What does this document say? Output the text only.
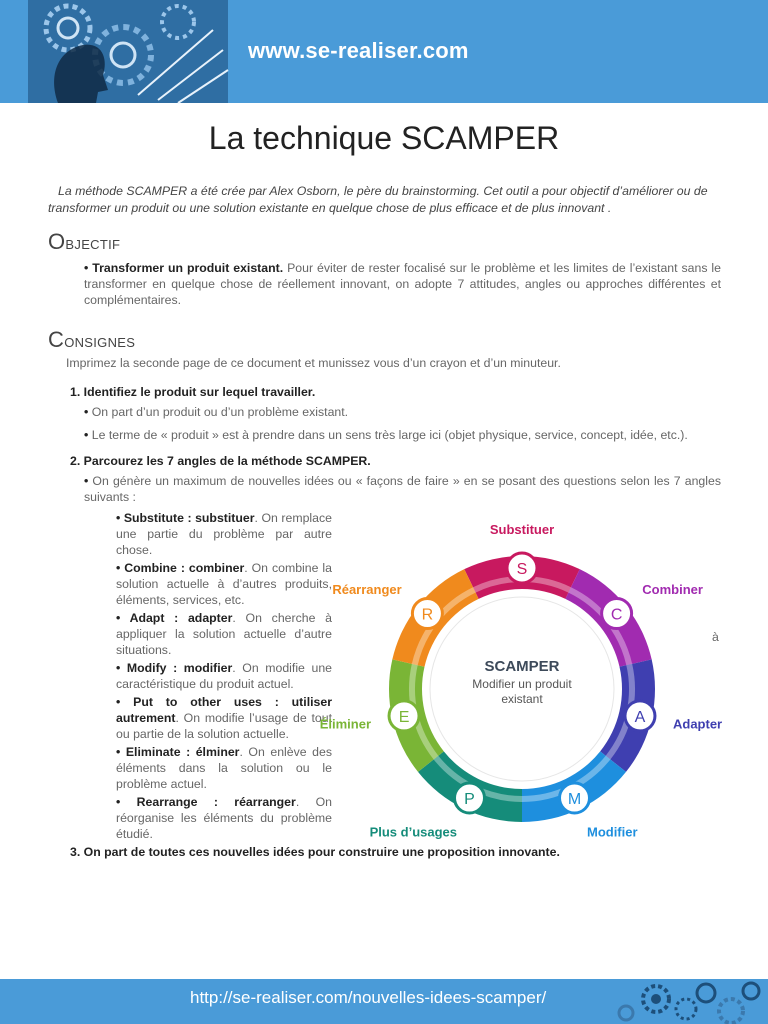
www.se-realiser.com
La technique SCAMPER

La méthode SCAMPER a été crée par Alex Osborn, le père du brainstorming. Cet outil a pour objectif d’améliorer ou de transformer un produit ou une solution existante en quelque chose de plus efficace et de plus innovant .

Objectif

• Transformer un produit existant. Pour éviter de rester focalisé sur le problème et les limites de l’existant sans le transformer en quelque chose de réellement innovant, on adopte 7 attitudes, angles ou approches différentes et complémentaires.

Consignes

Imprimez la seconde page de ce document et munissez vous d’un crayon et d’un minuteur.

1. Identifiez le produit sur lequel travailler.

• On part d’un produit ou d’un problème existant.

• Le terme de « produit » est à prendre dans un sens très large ici (objet physique, service, concept, idée, etc.).

2. Parcourez les 7 angles de la méthode SCAMPER.

• On génère un maximum de nouvelles idées ou « façons de faire » en se posant des questions selon les 7 angles suivants :

• Substitute : substituer. On remplace une partie du problème par autre chose.
• Combine : combiner. On combine la solution actuelle à d’autres produits, éléments, services, etc.
• Adapt : adapter. On cherche à appliquer la solution actuelle d’autre situations.
• Modify : modifier. On modifie une caractéristique du produit actuel.
• Put to other uses : utiliser autrement. On modifie l’usage de tout ou partie de la solution actuelle.
• Eliminate : élminer. On enlève des éléments dans la solution ou le problème actuel.
• Rearrange : réarranger. On réorganise les éléments du problème étudié.
à
SCAMPER
Modifier un produit
existant
S
Substituer
C
Combiner
A Adapter
M
Modifier
P
Plus d’usages
E
Éliminer
R
Réarranger
3. On part de toutes ces nouvelles idées pour construire une proposition innovante.
http://se-realiser.com/nouvelles-idees-scamper/
